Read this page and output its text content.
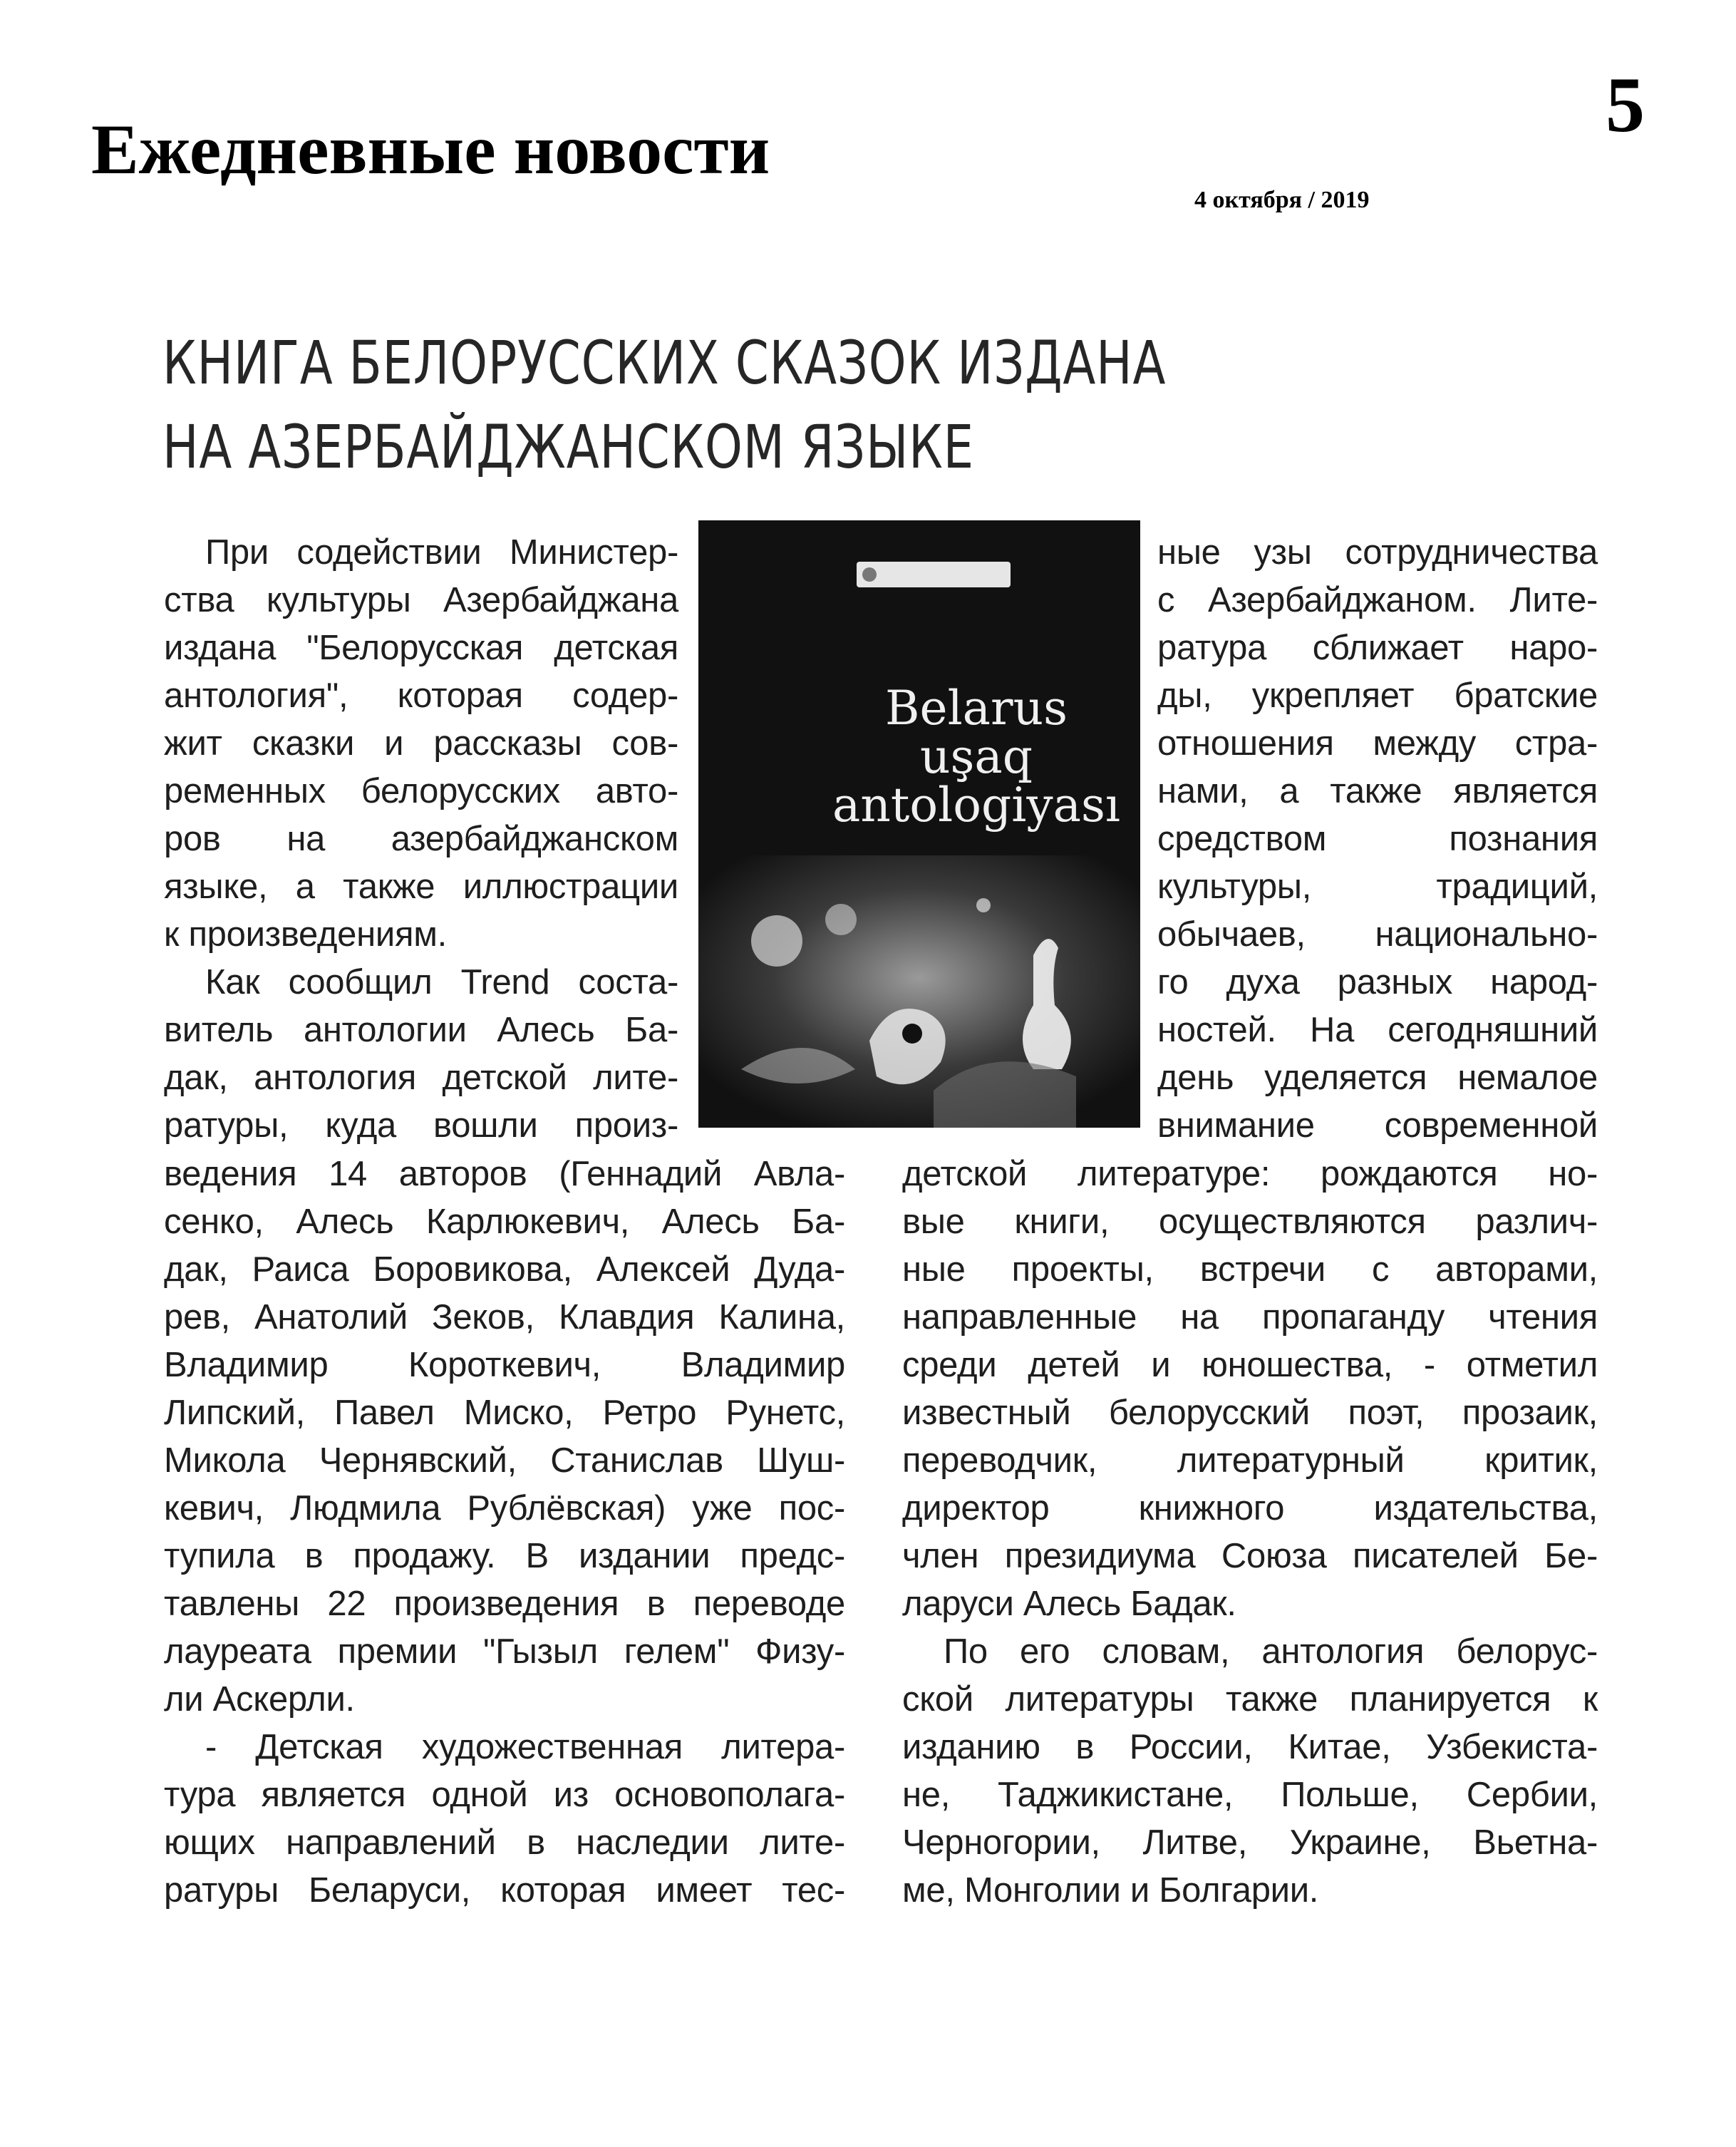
Ежедневные новости
5
4 октября / 2019
КНИГА БЕЛОРУССКИХ СКАЗОК ИЗДАНА
НА АЗЕРБАЙДЖАНСКОМ ЯЗЫКЕ
При содействии Министер-
ства культуры Азербайджана
издана "Белорусская детская
антология", которая содер-
жит сказки и рассказы сов-
ременных белорусских авто-
ров на азербайджанском
языке, а также иллюстрации
к произведениям.
Как сообщил Trend соста-
витель антологии Алесь Ба-
дак, антология детской лите-
ратуры, куда вошли произ-
Belarus
uşaq
antologiyası
ные узы сотрудничества
с Азербайджаном. Лите-
ратура сближает наро-
ды, укрепляет братские
отношения между стра-
нами, а также является
средством познания
культуры, традиций,
обычаев, национально-
го духа разных народ-
ностей. На сегодняшний
день уделяется немалое
внимание современной
ведения 14 авторов (Геннадий Авла-
сенко, Алесь Карлюкевич, Алесь Ба-
дак, Раиса Боровикова, Алексей Дуда-
рев, Анатолий Зеков, Клавдия Калина,
Владимир Короткевич, Владимир
Липский, Павел Миско, Ретро Рунетс,
Микола Чернявский, Станислав Шуш-
кевич, Людмила Рублёвская) уже пос-
тупила в продажу. В издании предс-
тавлены 22 произведения в переводе
лауреата премии "Гызыл гелем" Физу-
ли Аскерли.
- Детская художественная литера-
тура является одной из основополага-
ющих направлений в наследии лите-
ратуры Беларуси, которая имеет тес-
детской литературе: рождаются но-
вые книги, осуществляются различ-
ные проекты, встречи с авторами,
направленные на пропаганду чтения
среди детей и юношества, - отметил
известный белорусский поэт, прозаик,
переводчик, литературный критик,
директор книжного издательства,
член президиума Союза писателей Бе-
ларуси Алесь Бадак.
По его словам, антология белорус-
ской литературы также планируется к
изданию в России, Китае, Узбекиста-
не, Таджикистане, Польше, Сербии,
Черногории, Литве, Украине, Вьетна-
ме, Монголии и Болгарии.
